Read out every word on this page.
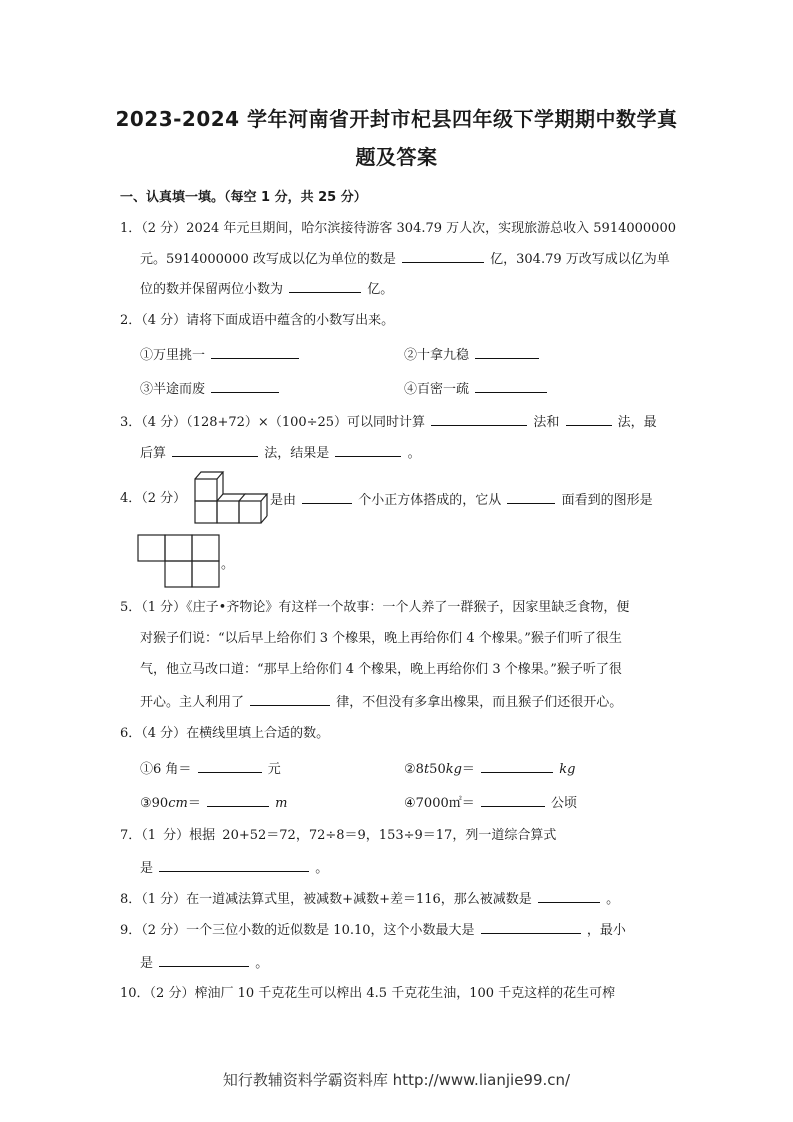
2023-2024 学年河南省开封市杞县四年级下学期期中数学真
题及答案
一、认真填一填。（每空 1 分，共 25 分）
1．（2 分）2024 年元旦期间，哈尔滨接待游客 304.79 万人次，实现旅游总收入 5914000000
元。5914000000 改写成以亿为单位的数是	亿，304.79 万改写成以亿为单
位的数并保留两位小数为	亿。
2．（4 分）请将下面成语中蕴含的小数写出来。
①万里挑一	②十拿九稳
③半途而废	④百密一疏
3．（4 分）（128+72）×（100÷25）可以同时计算	法和	法，最
后算	法，结果是	。
4．（2 分）	是由	个小正方体搭成的，它从	面看到的图形是
。
5．（1 分）《庄子•齐物论》有这样一个故事：一个人养了一群猴子，因家里缺乏食物，便
对猴子们说：“以后早上给你们 3 个橡果，晚上再给你们 4 个橡果。”猴子们听了很生
气，他立马改口道：“那早上给你们 4 个橡果，晚上再给你们 3 个橡果。”猴子听了很
开心。主人利用了	律，不但没有多拿出橡果，而且猴子们还很开心。
6．（4 分）在横线里填上合适的数。
①6 角＝	元	②8t50kg＝	kg
③90cm＝	m	④7000㎡＝	公顷
7．（1 分）根据 20+52＝72，72÷8＝9，153÷9＝17，列一道综合算式
是	。
8．（1 分）在一道减法算式里，被减数+减数+差＝116，那么被减数是	。
9．（2 分）一个三位小数的近似数是 10.10，这个小数最大是	，最小
是	。
10．（2 分）榨油厂 10 千克花生可以榨出 4.5 千克花生油，100 千克这样的花生可榨
知行教辅资料学霸资料库 http://www.lianjie99.cn/
